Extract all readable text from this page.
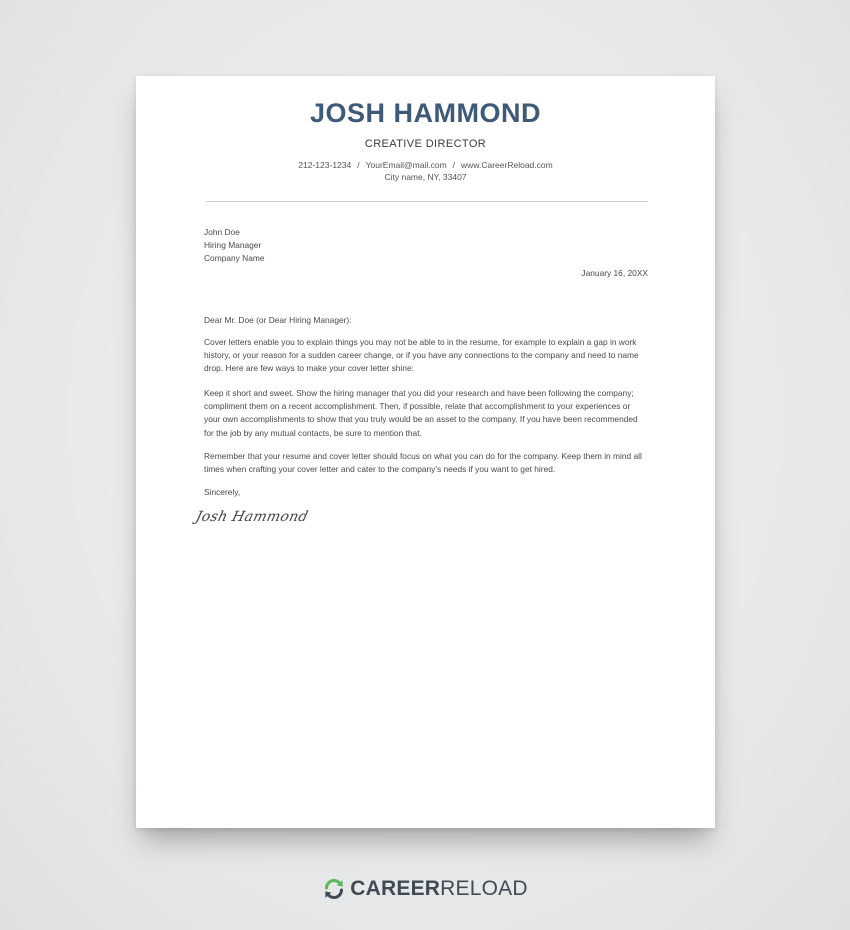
JOSH HAMMOND
CREATIVE DIRECTOR
212-123-1234 / YourEmail@mail.com / www.CareerReload.com
City name, NY, 33407
John Doe
Hiring Manager
Company Name
January 16, 20XX
Dear Mr. Doe (or Dear Hiring Manager):
Cover letters enable you to explain things you may not be able to in the resume, for example to explain a gap in work history, or your reason for a sudden career change, or if you have any connections to the company and need to name drop. Here are few ways to make your cover letter shine:
Keep it short and sweet. Show the hiring manager that you did your research and have been following the company; compliment them on a recent accomplishment. Then, if possible, relate that accomplishment to your experiences or your own accomplishments to show that you truly would be an asset to the company. If you have been recommended for the job by any mutual contacts, be sure to mention that.
Remember that your resume and cover letter should focus on what you can do for the company. Keep them in mind all times when crafting your cover letter and cater to the company's needs if you want to get hired.
Sincerely,
Josh Hammond
CAREERRELOAD
